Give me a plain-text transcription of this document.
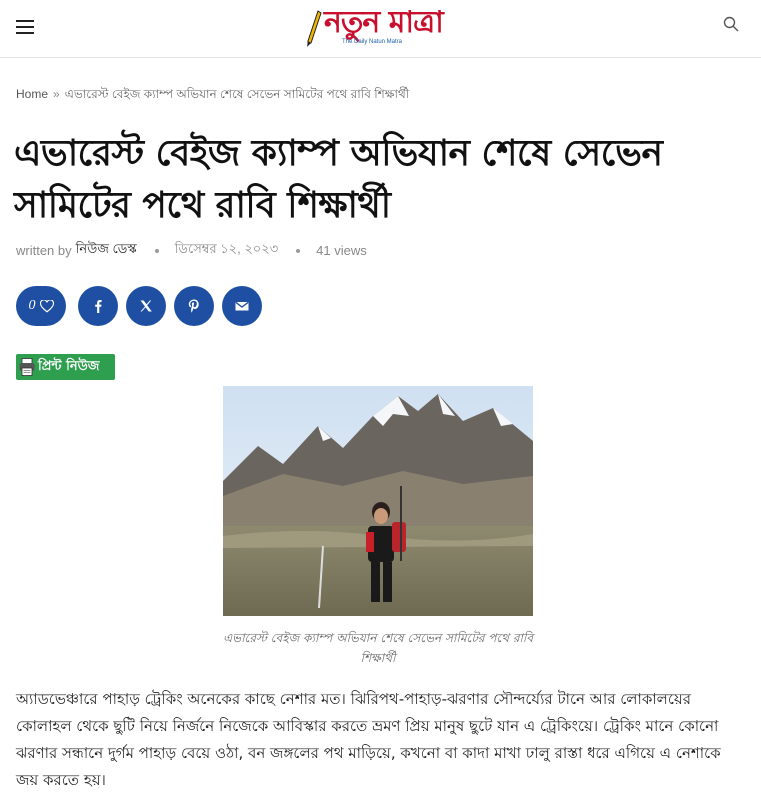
নতুন মাত্রা
The Daily Natun Matra
Home » এভারেস্ট বেইজ ক্যাম্প অভিযান শেষে সেভেন সামিটের পথে রাবি শিক্ষার্থী
এভারেস্ট বেইজ ক্যাম্প অভিযান শেষে সেভেন সামিটের পথে রাবি শিক্ষার্থী
written by নিউজ ডেস্ক	ডিসেম্বর ১২, ২০২৩	41 views
0
প্রিন্ট নিউজ
এভারেস্ট বেইজ ক্যাম্প অভিযান শেষে সেভেন সামিটের পথে রাবি শিক্ষার্থী

অ্যাডভেঞ্চারে পাহাড় ট্রেকিং অনেকের কাছে নেশার মত। ঝিরিপথ-পাহাড়-ঝরণার সৌন্দর্য্যের টানে আর লোকালয়ের কোলাহল থেকে ছুটি নিয়ে নির্জনে নিজেকে আবিস্কার করতে ভ্রমণ প্রিয় মানুষ ছুটে যান এ ট্রেকিংয়ে। ট্রেকিং মানে কোনো ঝরণার সন্ধানে দুর্গম পাহাড় বেয়ে ওঠা, বন জঙ্গলের পথ মাড়িয়ে, কখনো বা কাদা মাখা ঢালু রাস্তা ধরে এগিয়ে এ নেশাকে জয় করতে হয়।
